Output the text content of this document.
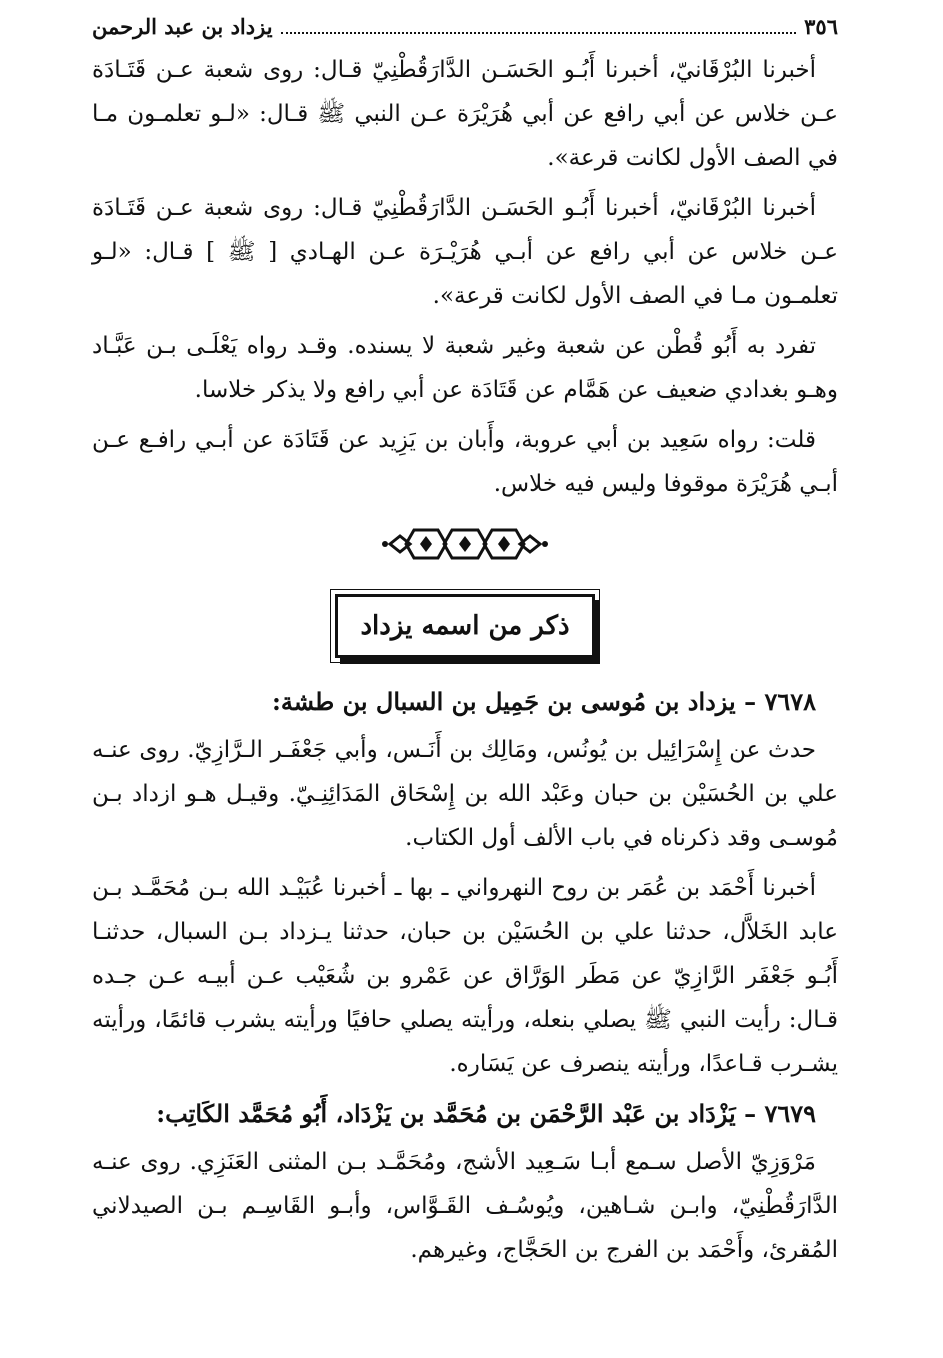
٣٥٦
يزداد بن عبد الرحمن

أخبرنا البُرْقَانيّ، أخبرنا أَبُـو الحَسَـن الدَّارَقُطْنِيّ قـال: روى شعبة عـن قَتَـادَة عـن خلاس عن أبي رافع عن أبي هُرَيْرَة عـن النبي ﷺ قـال: «لـو تعلمـون مـا في الصف الأول لكانت قرعة».

أخبرنا البُرْقَانيّ، أخبرنا أَبُـو الحَسَـن الدَّارَقُطْنِيّ قـال: روى شعبة عـن قَتَـادَة عـن خلاس عن أبي رافع عن أبـي هُرَيْـرَة عـن الهـادي [ ﷺ ] قـال: «لـو تعلمـون مـا في الصف الأول لكانت قرعة».

تفرد به أَبُو قُطْن عن شعبة وغير شعبة لا يسنده. وقـد رواه يَعْلَـى بـن عَبَّـاد وهـو بغدادي ضعيف عن هَمَّام عن قَتَادَة عن أبي رافع ولا يذكر خلاسا.

قلت: رواه سَعِيد بن أبي عروبة، وأَبان بن يَزِيد عن قَتَادَة عن أبـي رافـع عـن أبـي هُرَيْرَة موقوفا وليس فيه خلاس.

ذكر من اسمه يزداد
٧٦٧٨ – يزداد بن مُوسى بن جَمِيل بن السبال بن طشة:

حدث عن إِسْرَائِيل بن يُونُس، ومَالِك بن أَنَـس، وأبي جَعْفَـر الـرَّازِيّ. روى عنـه علي بن الحُسَيْن بن حبان وعَبْد الله بن إِسْحَاق المَدَائِنِـيّ. وقيـل هـو ازداد بـن مُوسـى وقد ذكرناه في باب الألف أول الكتاب.

أخبرنا أَحْمَد بن عُمَر بن روح النهرواني ـ بها ـ أخبرنا عُبَيْـد الله بـن مُحَمَّـد بـن عابد الخَلاَّل، حدثنا علي بن الحُسَيْن بن حبان، حدثنا يـزداد بـن السبال، حدثنـا أَبُـو جَعْفَر الرَّازِيّ عن مَطَر الوَرَّاق عن عَمْرو بن شُعَيْب عـن أبيـه عـن جـده قـال: رأيت النبي ﷺ يصلي بنعله، ورأيته يصلي حافيًا ورأيته يشرب قائمًا، ورأيته يشـرب قـاعدًا، ورأيته ينصرف عن يَسَاره.

٧٦٧٩ – يَزْدَاد بن عَبْد الرَّحْمَن بن مُحَمَّد بن يَزْدَاد، أَبُو مُحَمَّد الكَاتِب:

مَرْوَزِيّ الأصل سـمع أبـا سَـعِيد الأشج، ومُحَمَّـد بـن المثنى العَنَزِي. روى عنـه الدَّارَقُطْنِيّ، وابـن شـاهين، ويُوسُـف القَـوَّاس، وأبـو القَاسِـم بـن الصيدلاني المُقرئ، وأَحْمَد بن الفرج بن الحَجَّاج، وغيرهم.
